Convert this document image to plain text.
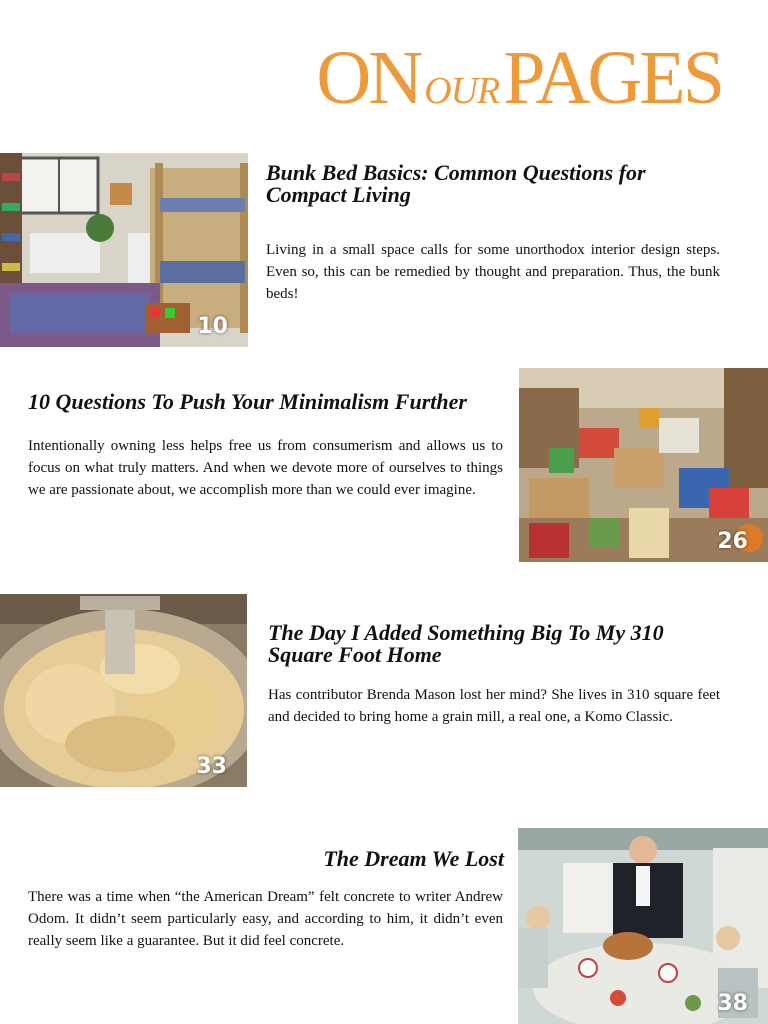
ON OURPAGES
10
Bunk Bed Basics: Common Questions for Compact Living

Living in a small space calls for some unorthodox interior design steps. Even so, this can be remedied by thought and preparation. Thus, the bunk beds!

10 Questions To Push Your Minimalism Further

Intentionally owning less helps free us from consumerism and allows us to focus on what truly matters. And when we devote more of ourselves to things we are passionate about, we accomplish more than we could ever imagine.

26
33
The Day I Added Something Big To My 310 Square Foot Home

Has contributor Brenda Mason lost her mind? She lives in 310 square feet and decided to bring home a grain mill, a real one, a Komo Classic.

The Dream We Lost

There was a time when “the American Dream” felt concrete to writer Andrew Odom. It didn’t seem particularly easy, and according to him, it didn’t even really seem like a guarantee. But it did feel concrete.

38
